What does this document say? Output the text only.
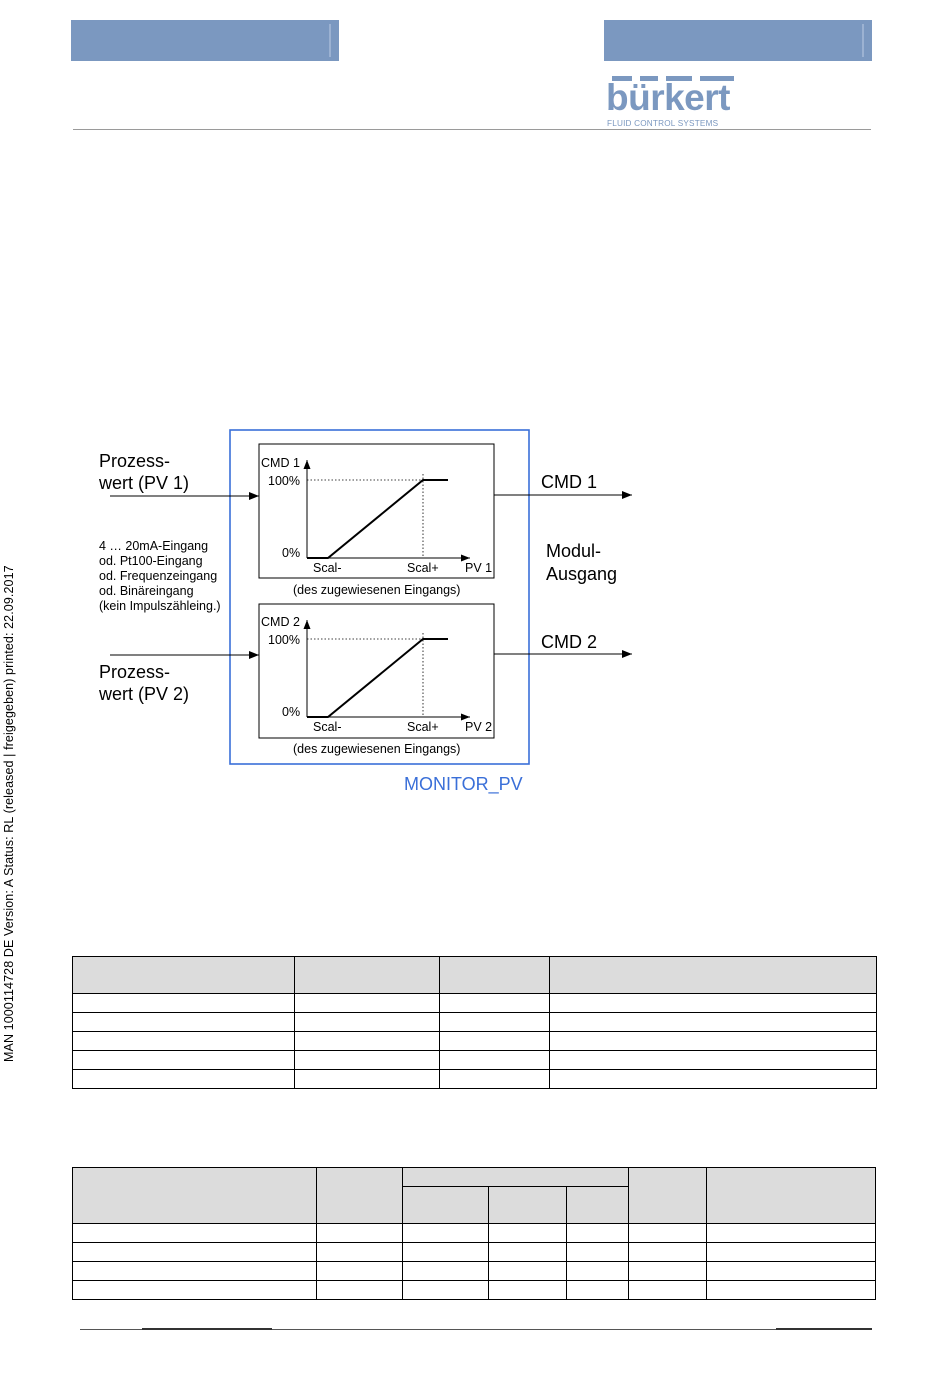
bürkert
FLUID CONTROL SYSTEMS
MAN 1000114728 DE Version: A Status: RL (released | freigegeben) printed: 22.09.2017	MONITOR_PV
Prozess-
wert (PV 1)
4 … 20mA-Eingang
od. Pt100-Eingang
od. Frequenzeingang
od. Binäreingang
(kein Impulszähleing.)
Prozess-
wert (PV 2)
CMD 1
Modul-
Ausgang
CMD 2
CMD 1
100%
0%
Scal-	Scal+ PV 1
(des zugewiesenen Eingangs)
CMD 2
100%
0%
Scal-	Scal+ PV 2
(des zugewiesenen Eingangs)
